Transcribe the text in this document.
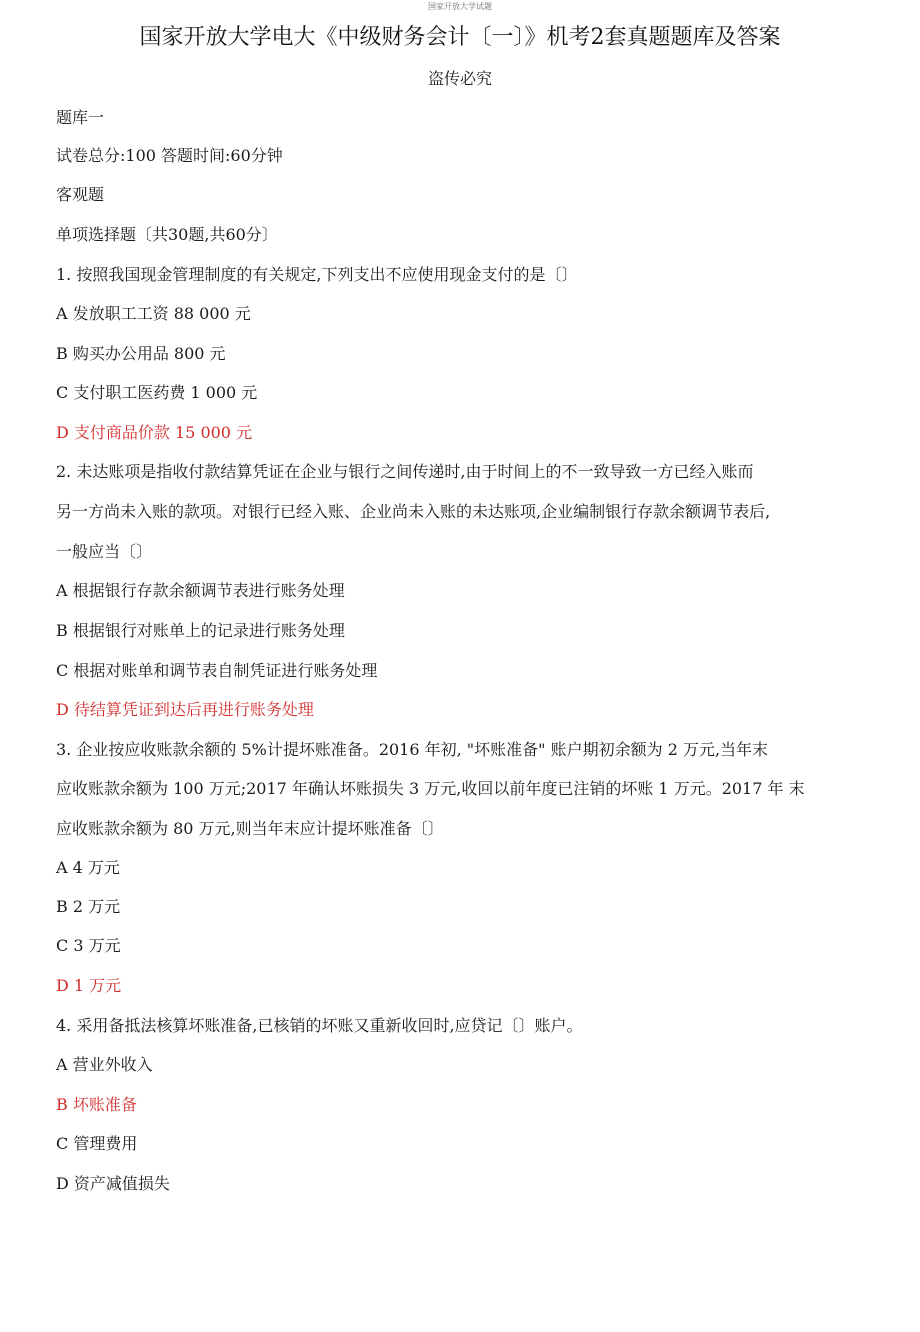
国家开放大学试题
国家开放大学电大《中级财务会计〔一〕》机考2套真题题库及答案
盗传必究
题库一
试卷总分:100 答题时间:60分钟
客观题
单项选择题〔共30题,共60分〕
1. 按照我国现金管理制度的有关规定,下列支出不应使用现金支付的是〔〕
A 发放职工工资 88 000 元
B 购买办公用品 800 元
C 支付职工医药费 1 000 元
D 支付商品价款 15 000 元
2. 未达账项是指收付款结算凭证在企业与银行之间传递时,由于时间上的不一致导致一方已经入账而
另一方尚未入账的款项。对银行已经入账、企业尚未入账的未达账项,企业编制银行存款余额调节表后,
一般应当〔〕
A 根据银行存款余额调节表进行账务处理
B 根据银行对账单上的记录进行账务处理
C 根据对账单和调节表自制凭证进行账务处理
D 待结算凭证到达后再进行账务处理
3. 企业按应收账款余额的 5%计提坏账准备。2016 年初, "坏账准备" 账户期初余额为 2 万元,当年末
应收账款余额为 100 万元;2017 年确认坏账损失 3 万元,收回以前年度已注销的坏账 1 万元。2017 年 末
应收账款余额为 80 万元,则当年末应计提坏账准备〔〕
A 4 万元
B 2 万元
C 3 万元
D 1 万元
4. 采用备抵法核算坏账准备,已核销的坏账又重新收回时,应贷记〔〕账户。
A 营业外收入
B 坏账准备
C 管理费用
D 资产减值损失
